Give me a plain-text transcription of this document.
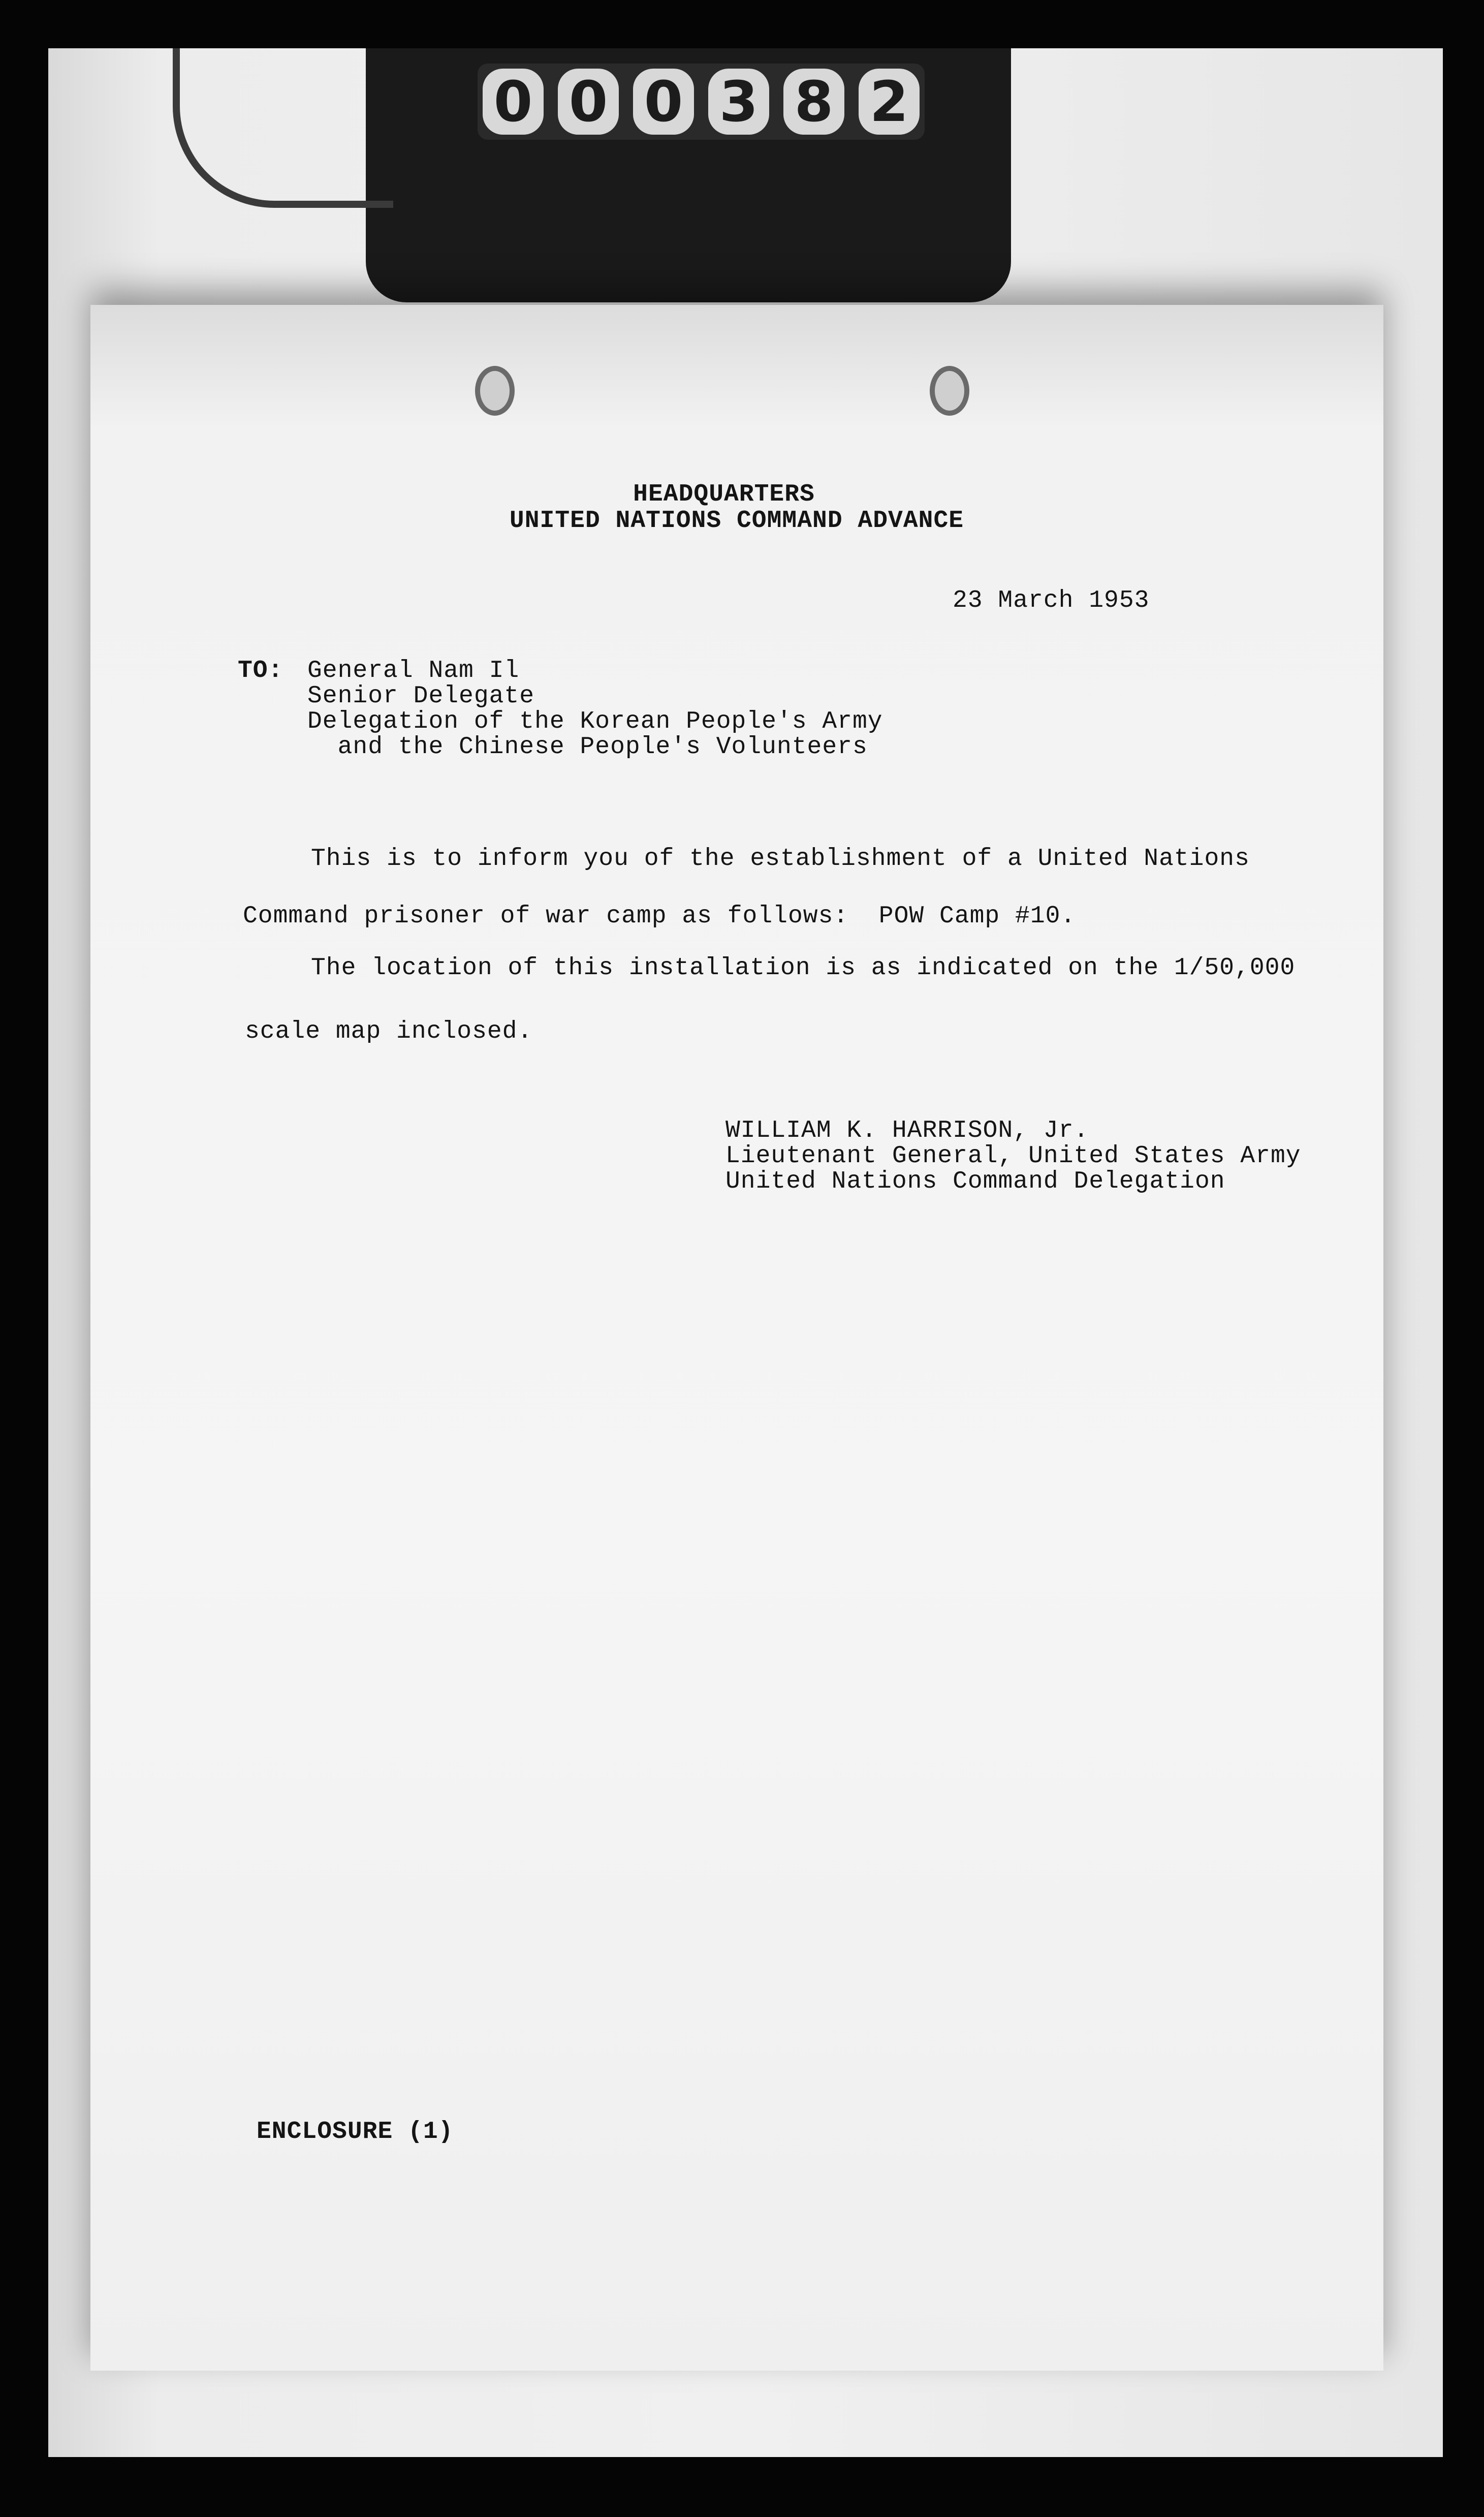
0 0 0 3 8 2
HEADQUARTERS
UNITED NATIONS COMMAND ADVANCE
23 March 1953
TO: General Nam Il
Senior Delegate
Delegation of the Korean People's Army
and the Chinese People's Volunteers
This is to inform you of the establishment of a United Nations
Command prisoner of war camp as follows:  POW Camp #10.
The location of this installation is as indicated on the 1/50,000
scale map inclosed.
WILLIAM K. HARRISON, Jr.
Lieutenant General, United States Army
United Nations Command Delegation
ENCLOSURE (1)
